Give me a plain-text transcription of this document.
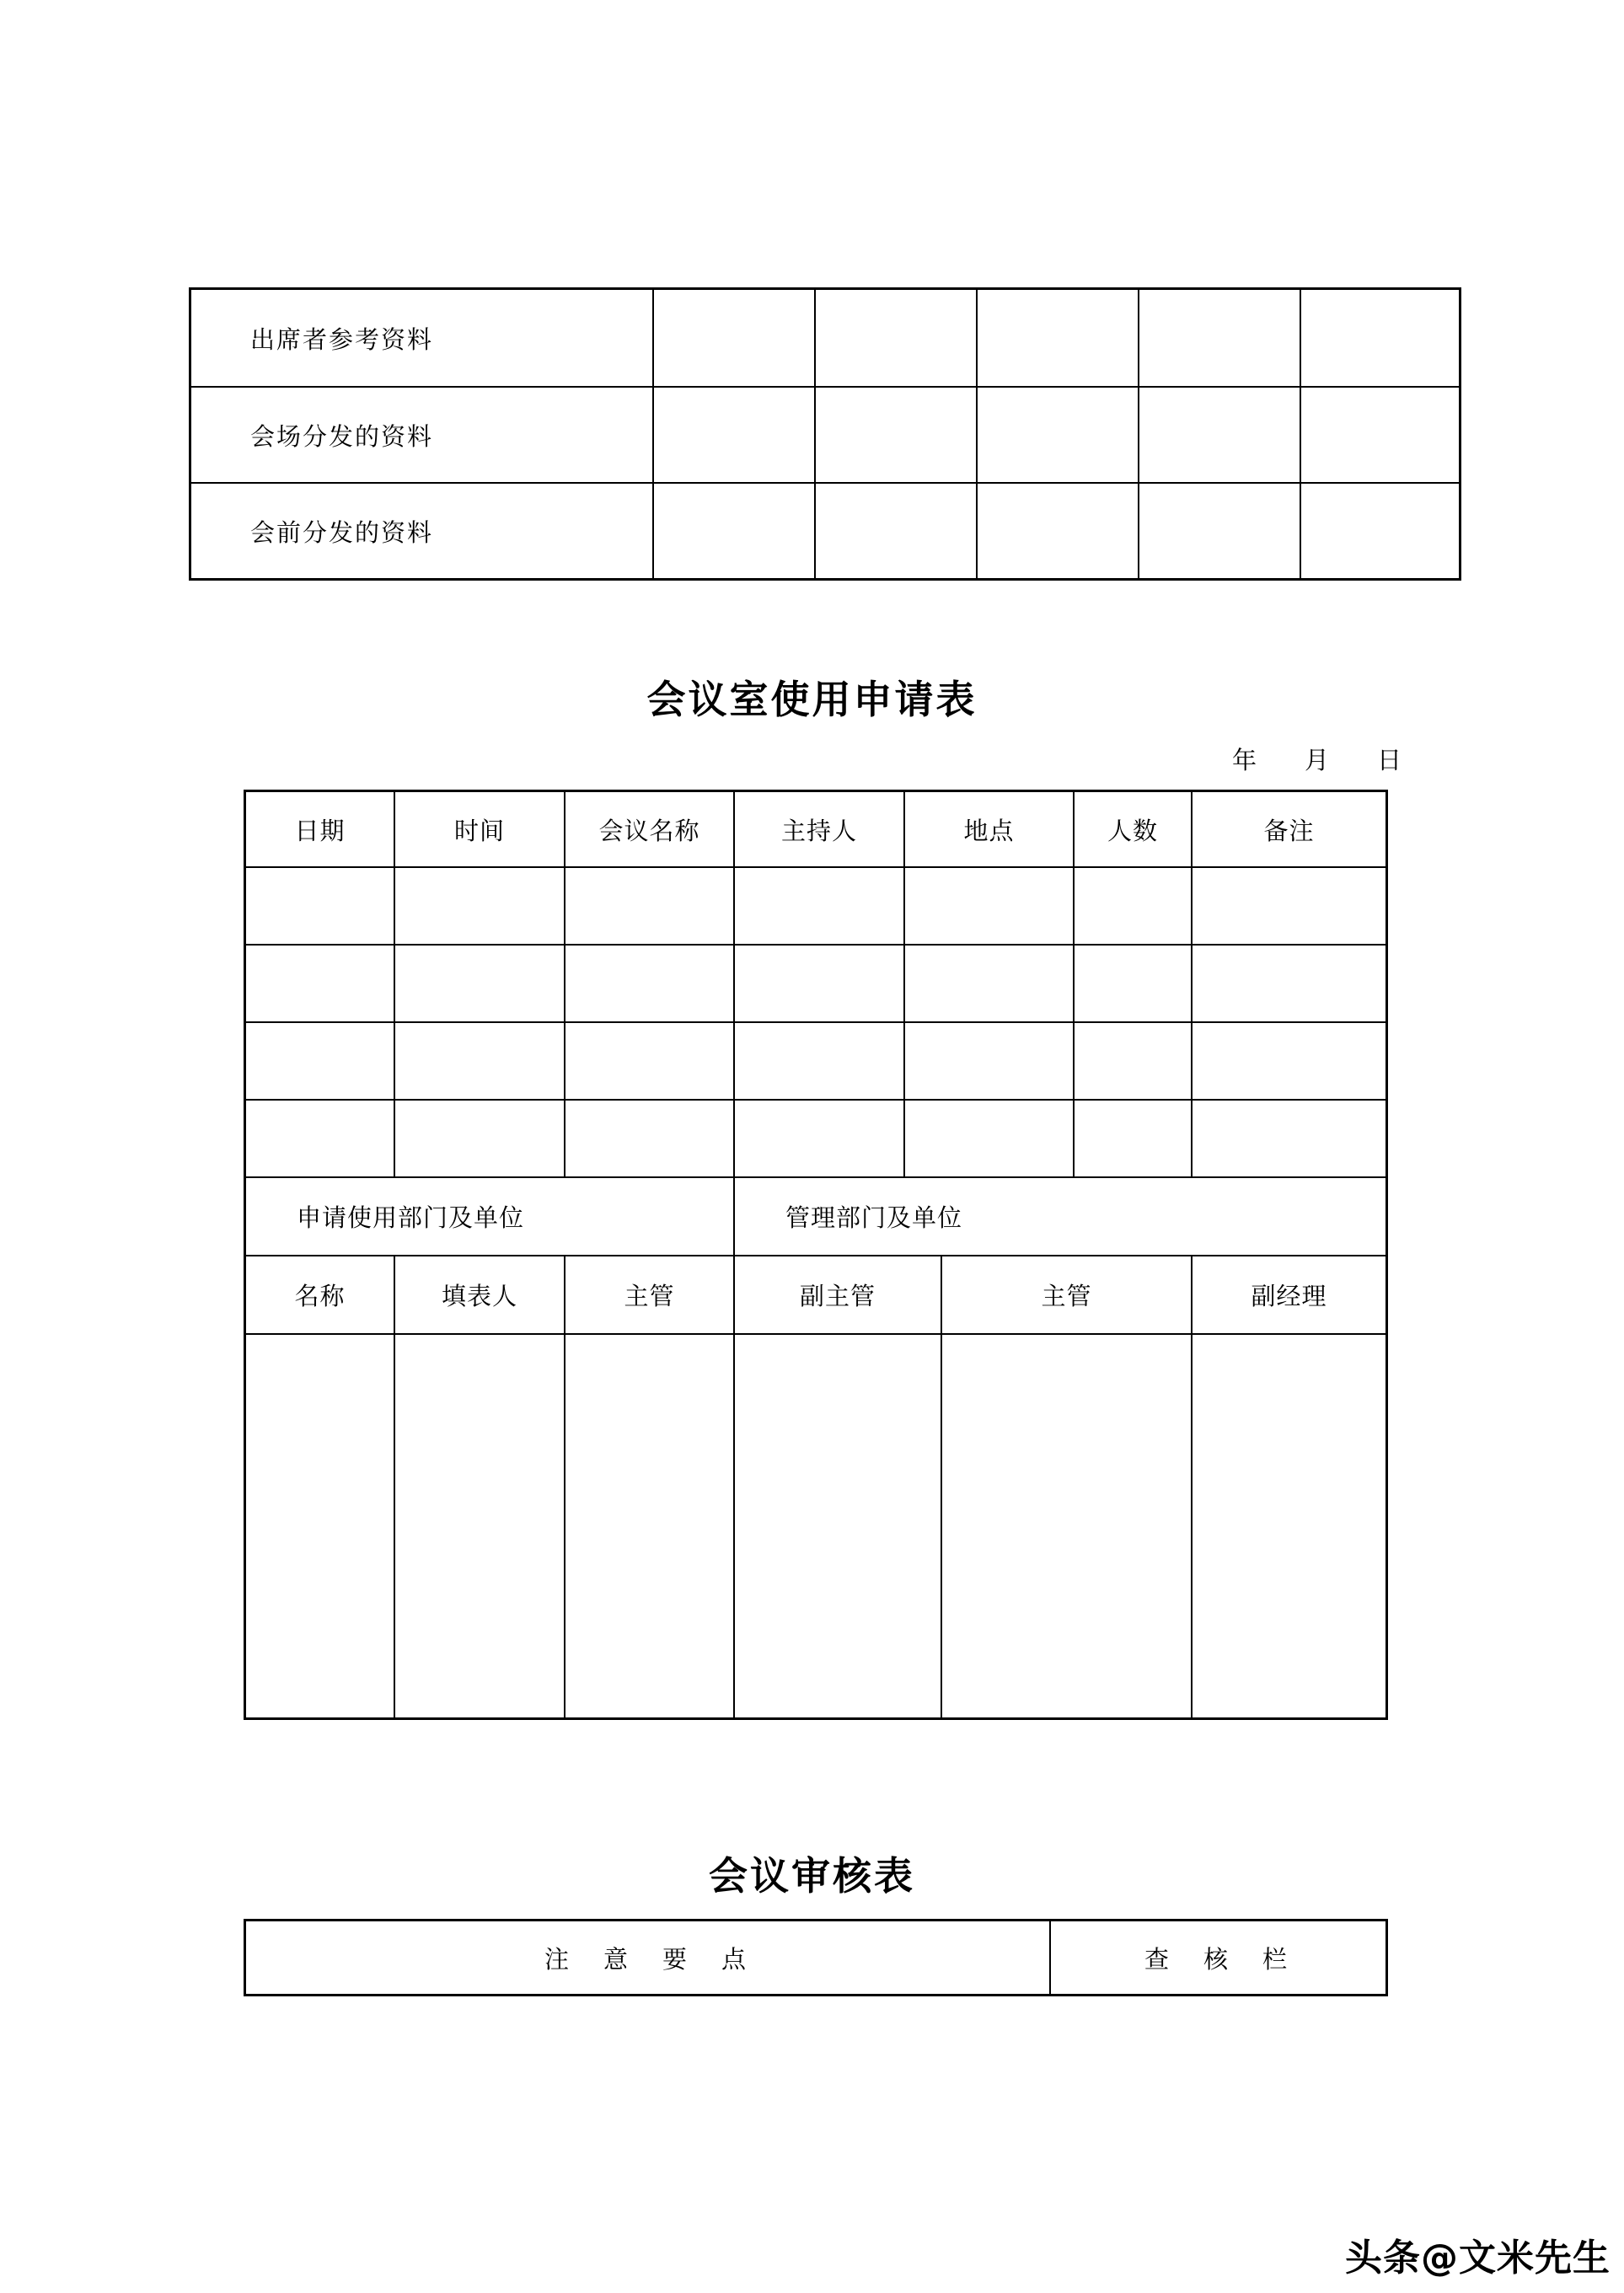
出席者参考资料
会场分发的资料
会前分发的资料
会议室使用申请表
年　月　日
日期	时间	会议名称	主持人	地点	人数	备注
申请使用部门及单位	管理部门及单位
名称	填表人	主管	副主管	主管	副经理
会议审核表
注　意　要　点	查　核　栏
头条@文米先生
